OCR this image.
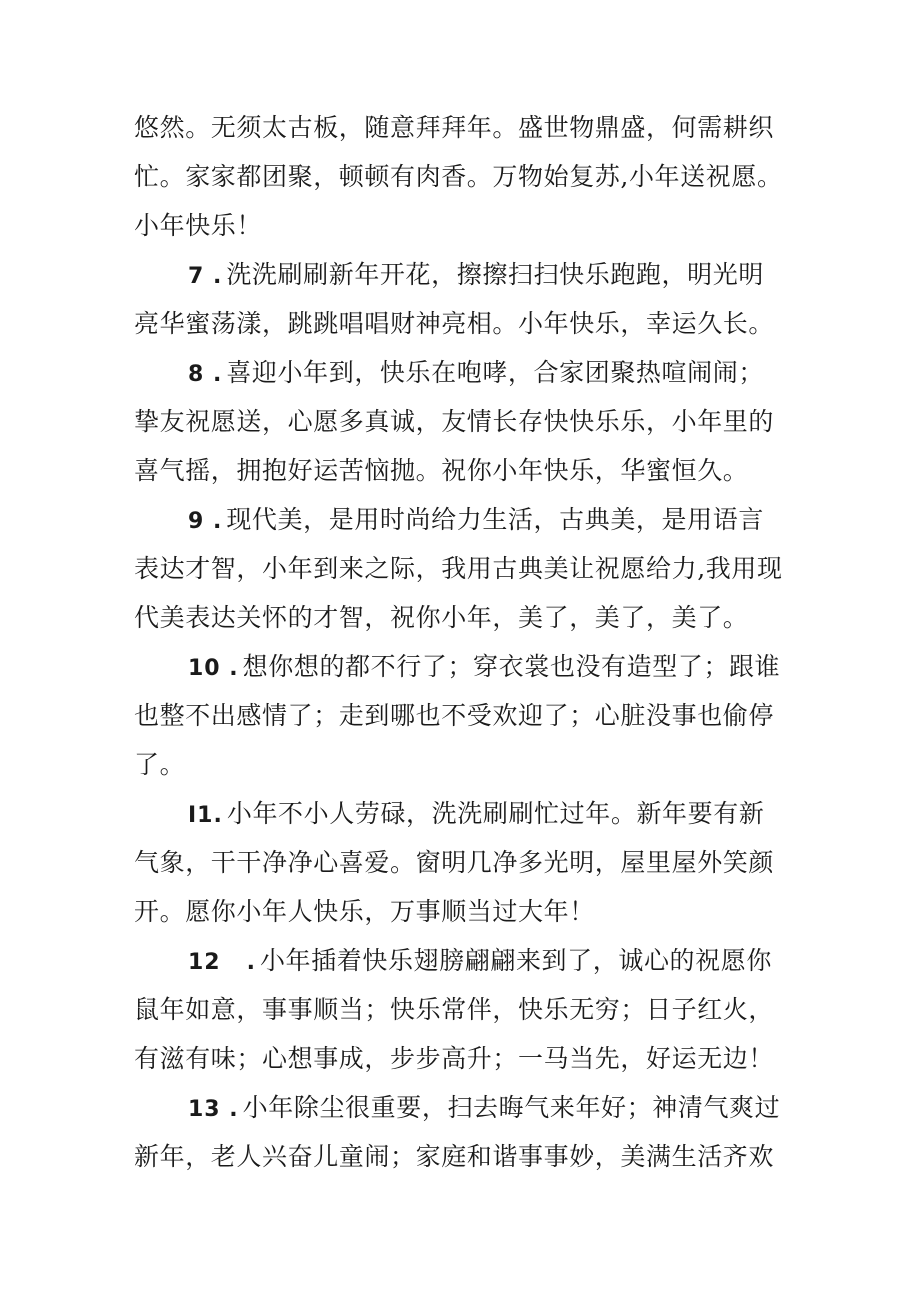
悠然。无须太古板，随意拜拜年。盛世物鼎盛，何需耕织
忙。家家都团聚，顿顿有肉香。万物始复苏,小年送祝愿。
小年快乐！
7 . 洗洗刷刷新年开花，擦擦扫扫快乐跑跑，明光明
亮华蜜荡漾，跳跳唱唱财神亮相。小年快乐，幸运久长。
8 . 喜迎小年到，快乐在咆哮，合家团聚热喧闹闹；
挚友祝愿送，心愿多真诚，友情长存快快乐乐，小年里的
喜气摇，拥抱好运苦恼抛。祝你小年快乐，华蜜恒久。
9 . 现代美，是用时尚给力生活，古典美，是用语言
表达才智，小年到来之际，我用古典美让祝愿给力,我用现
代美表达关怀的才智，祝你小年，美了，美了，美了。
10 . 想你想的都不行了；穿衣裳也没有造型了；跟谁
也整不出感情了；走到哪也不受欢迎了；心脏没事也偷停
了。
I1. 小年不小人劳碌，洗洗刷刷忙过年。新年要有新
气象，干干净净心喜爱。窗明几净多光明，屋里屋外笑颜
开。愿你小年人快乐，万事顺当过大年！
12   . 小年插着快乐翅膀翩翩来到了，诚心的祝愿你
鼠年如意，事事顺当；快乐常伴，快乐无穷；日子红火，
有滋有味；心想事成，步步高升；一马当先，好运无边！
13 . 小年除尘很重要，扫去晦气来年好；神清气爽过
新年，老人兴奋儿童闹；家庭和谐事事妙，美满生活齐欢
